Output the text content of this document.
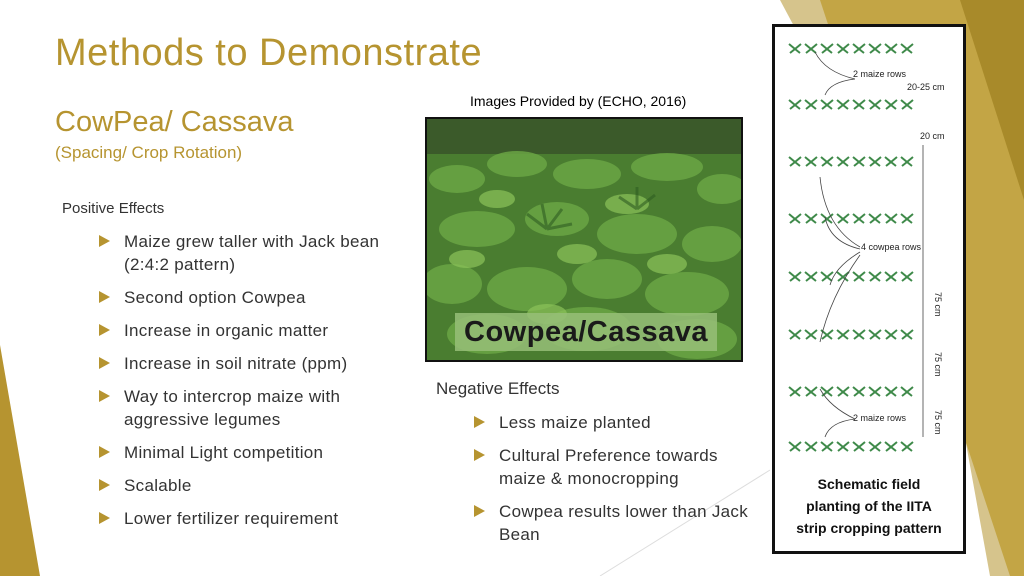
Methods to Demonstrate
CowPea/ Cassava
(Spacing/ Crop Rotation)
Images Provided by (ECHO, 2016)
Positive Effects
Maize grew taller with Jack bean (2:4:2 pattern)
Second option Cowpea
Increase in organic matter
Increase in soil nitrate (ppm)
Way to intercrop maize with aggressive legumes
Minimal Light competition
Scalable
Lower fertilizer requirement
Cowpea/Cassava
Negative Effects
Less maize planted
Cultural Preference towards maize & monocropping
Cowpea results lower than Jack Bean
2 maize rows
20-25 cm
20 cm
4 cowpea rows
2 maize rows
75 cm
75 cm
75 cm
Schematic field
planting of the IITA
strip cropping pattern
